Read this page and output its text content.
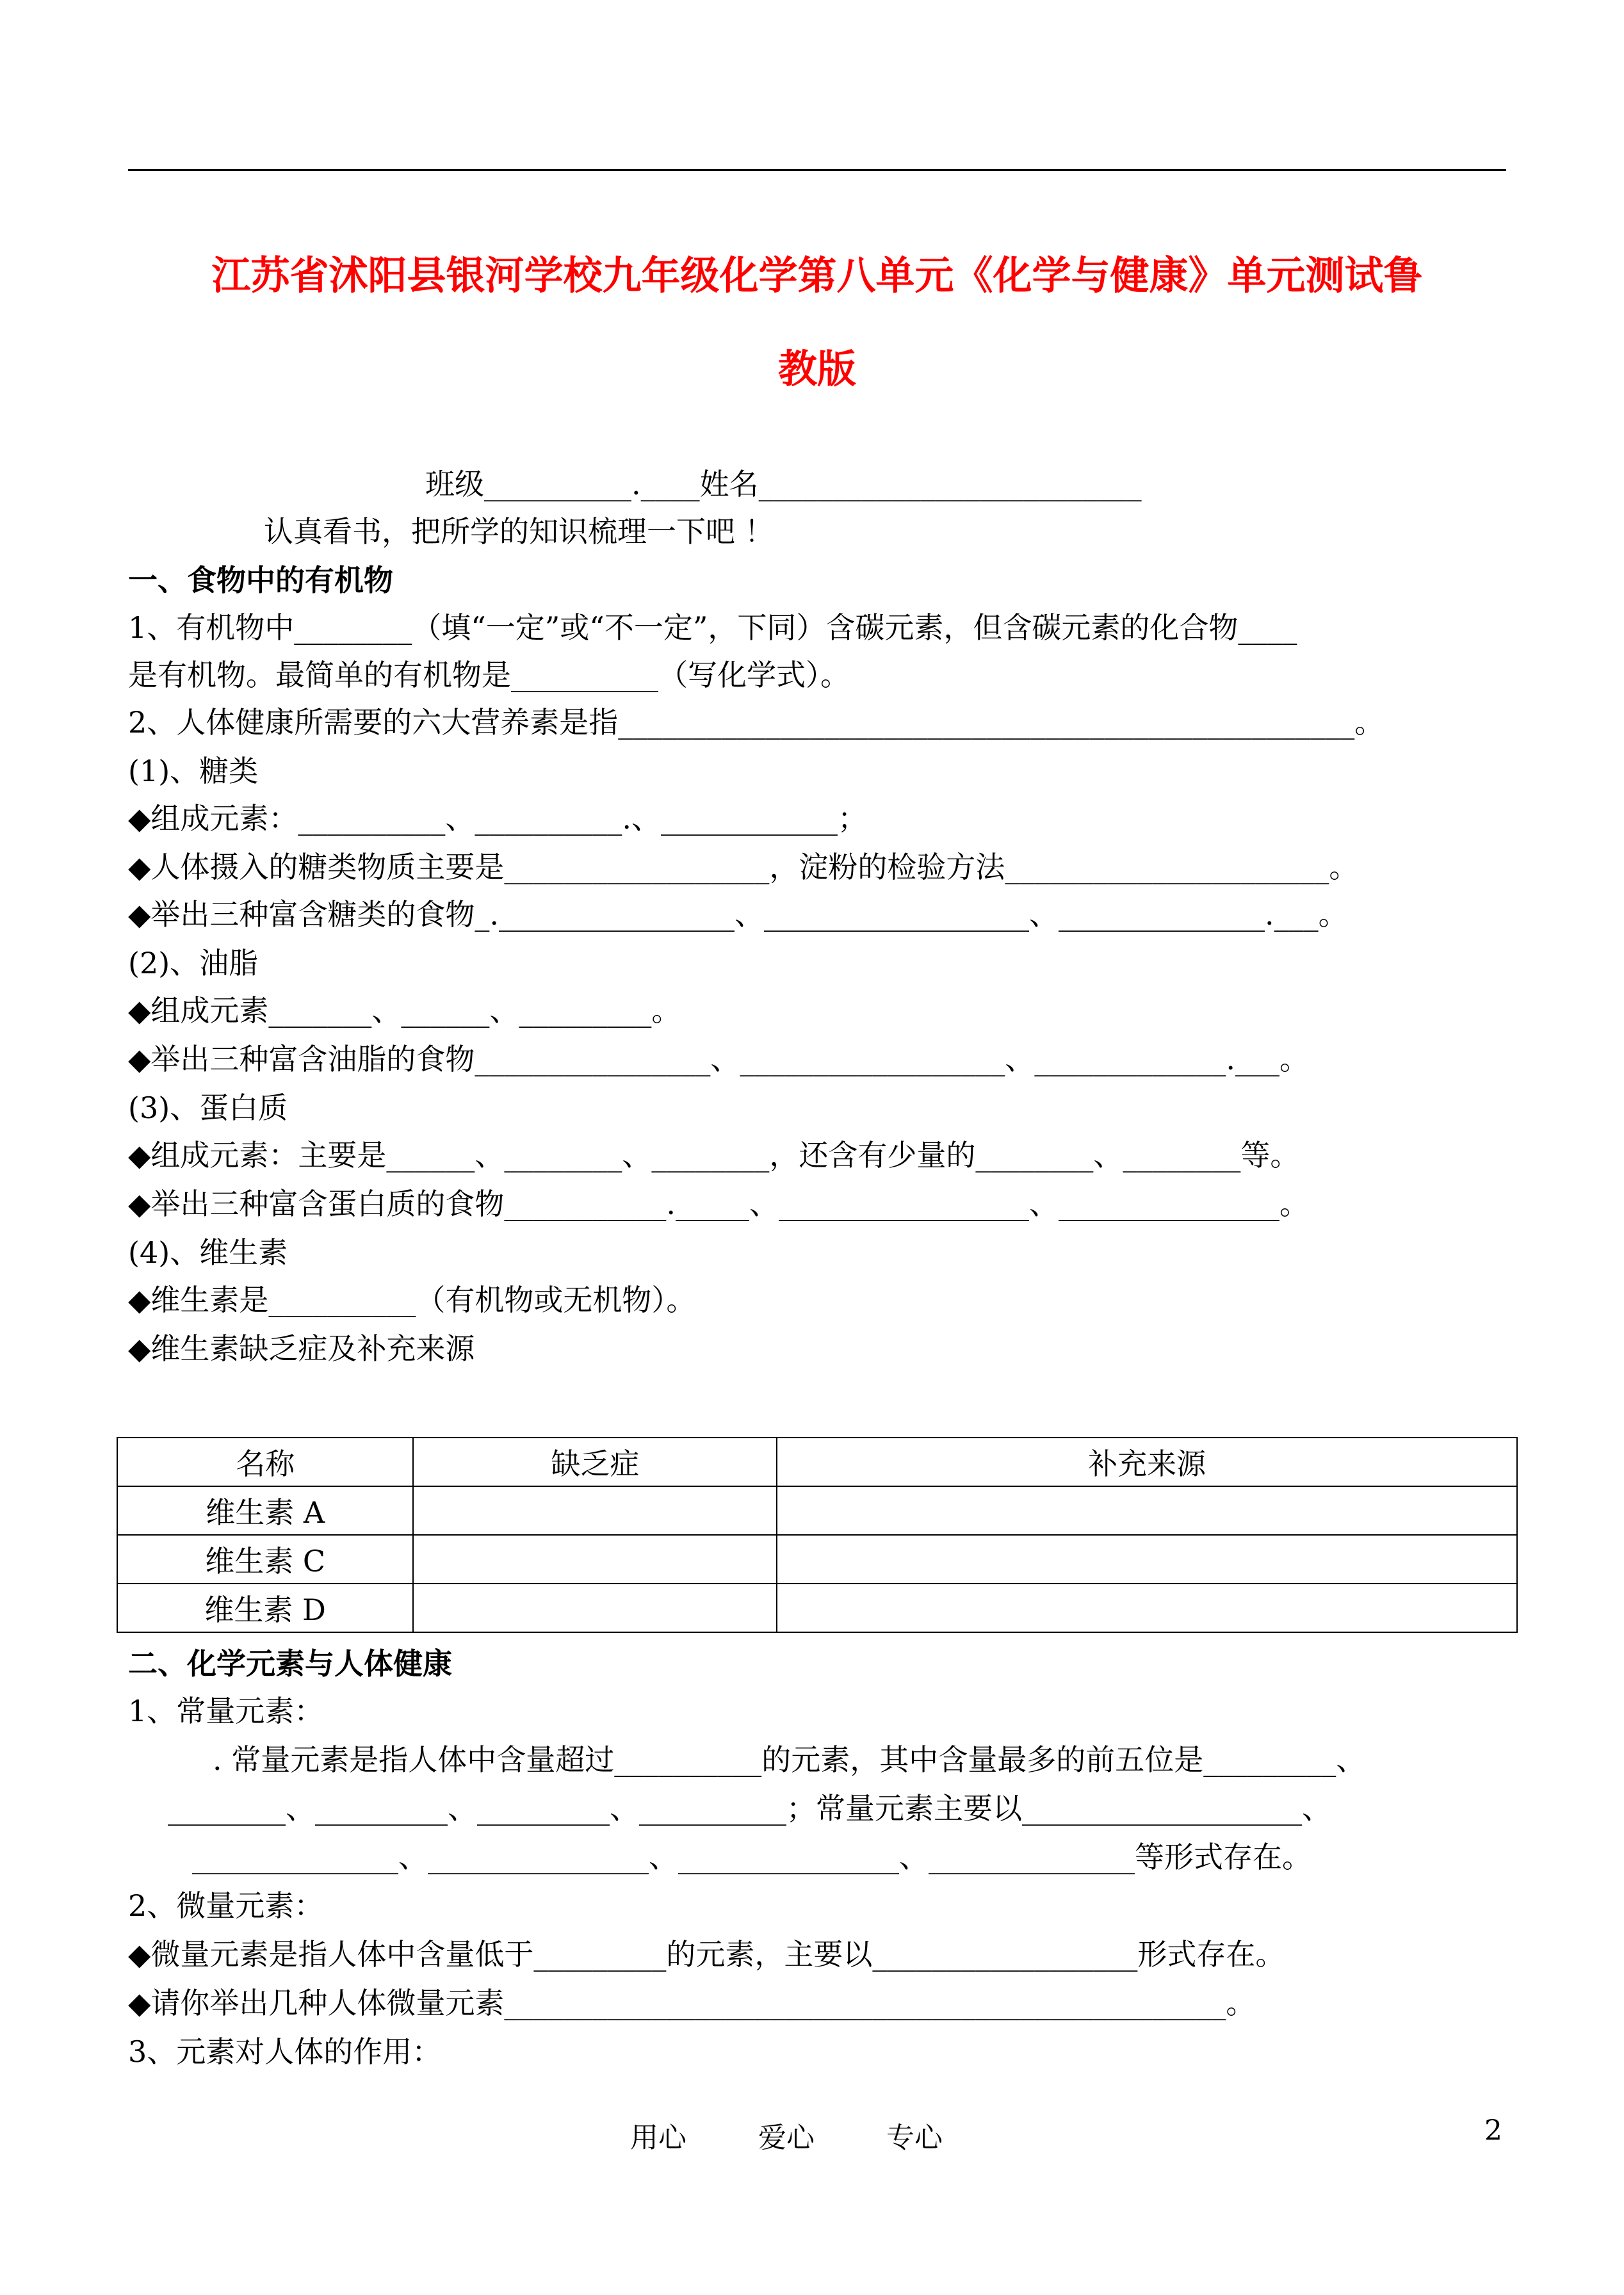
江苏省沭阳县银河学校九年级化学第八单元《化学与健康》单元测试鲁
教版
班级__________.____姓名__________________________
认真看书，把所学的知识梳理一下吧 ！
一、食物中的有机物
1、有机物中________（填“一定”或“不一定”，下同）含碳元素，但含碳元素的化合物____
是有机物。最简单的有机物是__________（写化学式）。
2、人体健康所需要的六大营养素是指__________________________________________________。
(1)、糖类
◆组成元素：__________、__________.、____________；
◆人体摄入的糖类物质主要是__________________，淀粉的检验方法______________________。
◆举出三种富含糖类的食物_.________________、__________________、______________.___。
(2)、油脂
◆组成元素_______、______、_________。
◆举出三种富含油脂的食物________________、__________________、_____________.___。
(3)、蛋白质
◆组成元素：主要是______、________、________，还含有少量的________、________等。
◆举出三种富含蛋白质的食物___________._____、_________________、_______________。
(4)、维生素
◆维生素是__________（有机物或无机物）。
◆维生素缺乏症及补充来源
名称	缺乏症	补充来源
维生素 A		
维生素 C		
维生素 D		
二、化学元素与人体健康
1、常量元素：
. 常量元素是指人体中含量超过__________的元素，其中含量最多的前五位是_________、
________、_________、_________、__________；常量元素主要以___________________、
______________、_______________、_______________、______________等形式存在。
2、微量元素：
◆微量元素是指人体中含量低于_________的元素，主要以__________________形式存在。
◆请你举出几种人体微量元素_________________________________________________。
3、元素对人体的作用：
用心	爱心	专心	2
